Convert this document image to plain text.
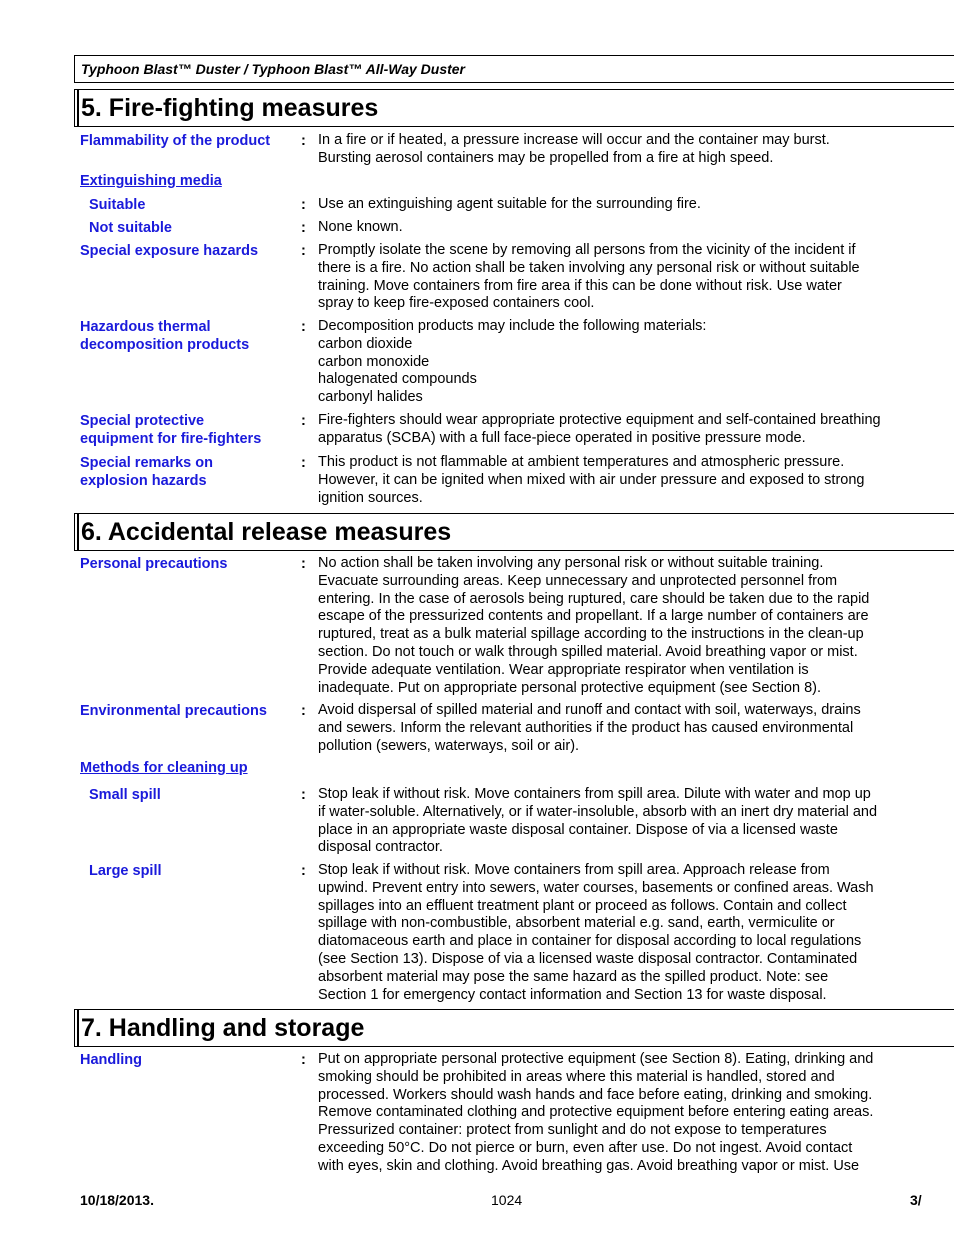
Typhoon Blast™ Duster / Typhoon Blast™ All-Way Duster
5. Fire-fighting measures
Flammability of the product	: In a fire or if heated, a pressure increase will occur and the container may burst.
Bursting aerosol containers may be propelled from a fire at high speed.
Extinguishing media
Suitable	: Use an extinguishing agent suitable for the surrounding fire.
Not suitable	: None known.
Special exposure hazards	: Promptly isolate the scene by removing all persons from the vicinity of the incident if
there is a fire. No action shall be taken involving any personal risk or without suitable
training. Move containers from fire area if this can be done without risk. Use water
spray to keep fire-exposed containers cool.
Hazardous thermal
decomposition products
: Decomposition products may include the following materials:
carbon dioxide
carbon monoxide
halogenated compounds
carbonyl halides
Special protective
equipment for fire-fighters
: Fire-fighters should wear appropriate protective equipment and self-contained breathing
apparatus (SCBA) with a full face-piece operated in positive pressure mode.
Special remarks on
explosion hazards
: This product is not flammable at ambient temperatures and atmospheric pressure.
However, it can be ignited when mixed with air under pressure and exposed to strong
ignition sources.
6. Accidental release measures
Personal precautions	: No action shall be taken involving any personal risk or without suitable training.
Evacuate surrounding areas. Keep unnecessary and unprotected personnel from
entering. In the case of aerosols being ruptured, care should be taken due to the rapid
escape of the pressurized contents and propellant. If a large number of containers are
ruptured, treat as a bulk material spillage according to the instructions in the clean-up
section. Do not touch or walk through spilled material. Avoid breathing vapor or mist.
Provide adequate ventilation. Wear appropriate respirator when ventilation is
inadequate. Put on appropriate personal protective equipment (see Section 8).
Environmental precautions	: Avoid dispersal of spilled material and runoff and contact with soil, waterways, drains
and sewers. Inform the relevant authorities if the product has caused environmental
pollution (sewers, waterways, soil or air).
Methods for cleaning up
Small spill	: Stop leak if without risk. Move containers from spill area. Dilute with water and mop up
if water-soluble. Alternatively, or if water-insoluble, absorb with an inert dry material and
place in an appropriate waste disposal container. Dispose of via a licensed waste
disposal contractor.
Large spill	: Stop leak if without risk. Move containers from spill area. Approach release from
upwind. Prevent entry into sewers, water courses, basements or confined areas. Wash
spillages into an effluent treatment plant or proceed as follows. Contain and collect
spillage with non-combustible, absorbent material e.g. sand, earth, vermiculite or
diatomaceous earth and place in container for disposal according to local regulations
(see Section 13). Dispose of via a licensed waste disposal contractor. Contaminated
absorbent material may pose the same hazard as the spilled product. Note: see
Section 1 for emergency contact information and Section 13 for waste disposal.
7. Handling and storage
Handling	: Put on appropriate personal protective equipment (see Section 8). Eating, drinking and
smoking should be prohibited in areas where this material is handled, stored and
processed. Workers should wash hands and face before eating, drinking and smoking.
Remove contaminated clothing and protective equipment before entering eating areas.
Pressurized container: protect from sunlight and do not expose to temperatures
exceeding 50°C. Do not pierce or burn, even after use. Do not ingest. Avoid contact
with eyes, skin and clothing. Avoid breathing gas. Avoid breathing vapor or mist. Use
10/18/2013.	1024	3/
